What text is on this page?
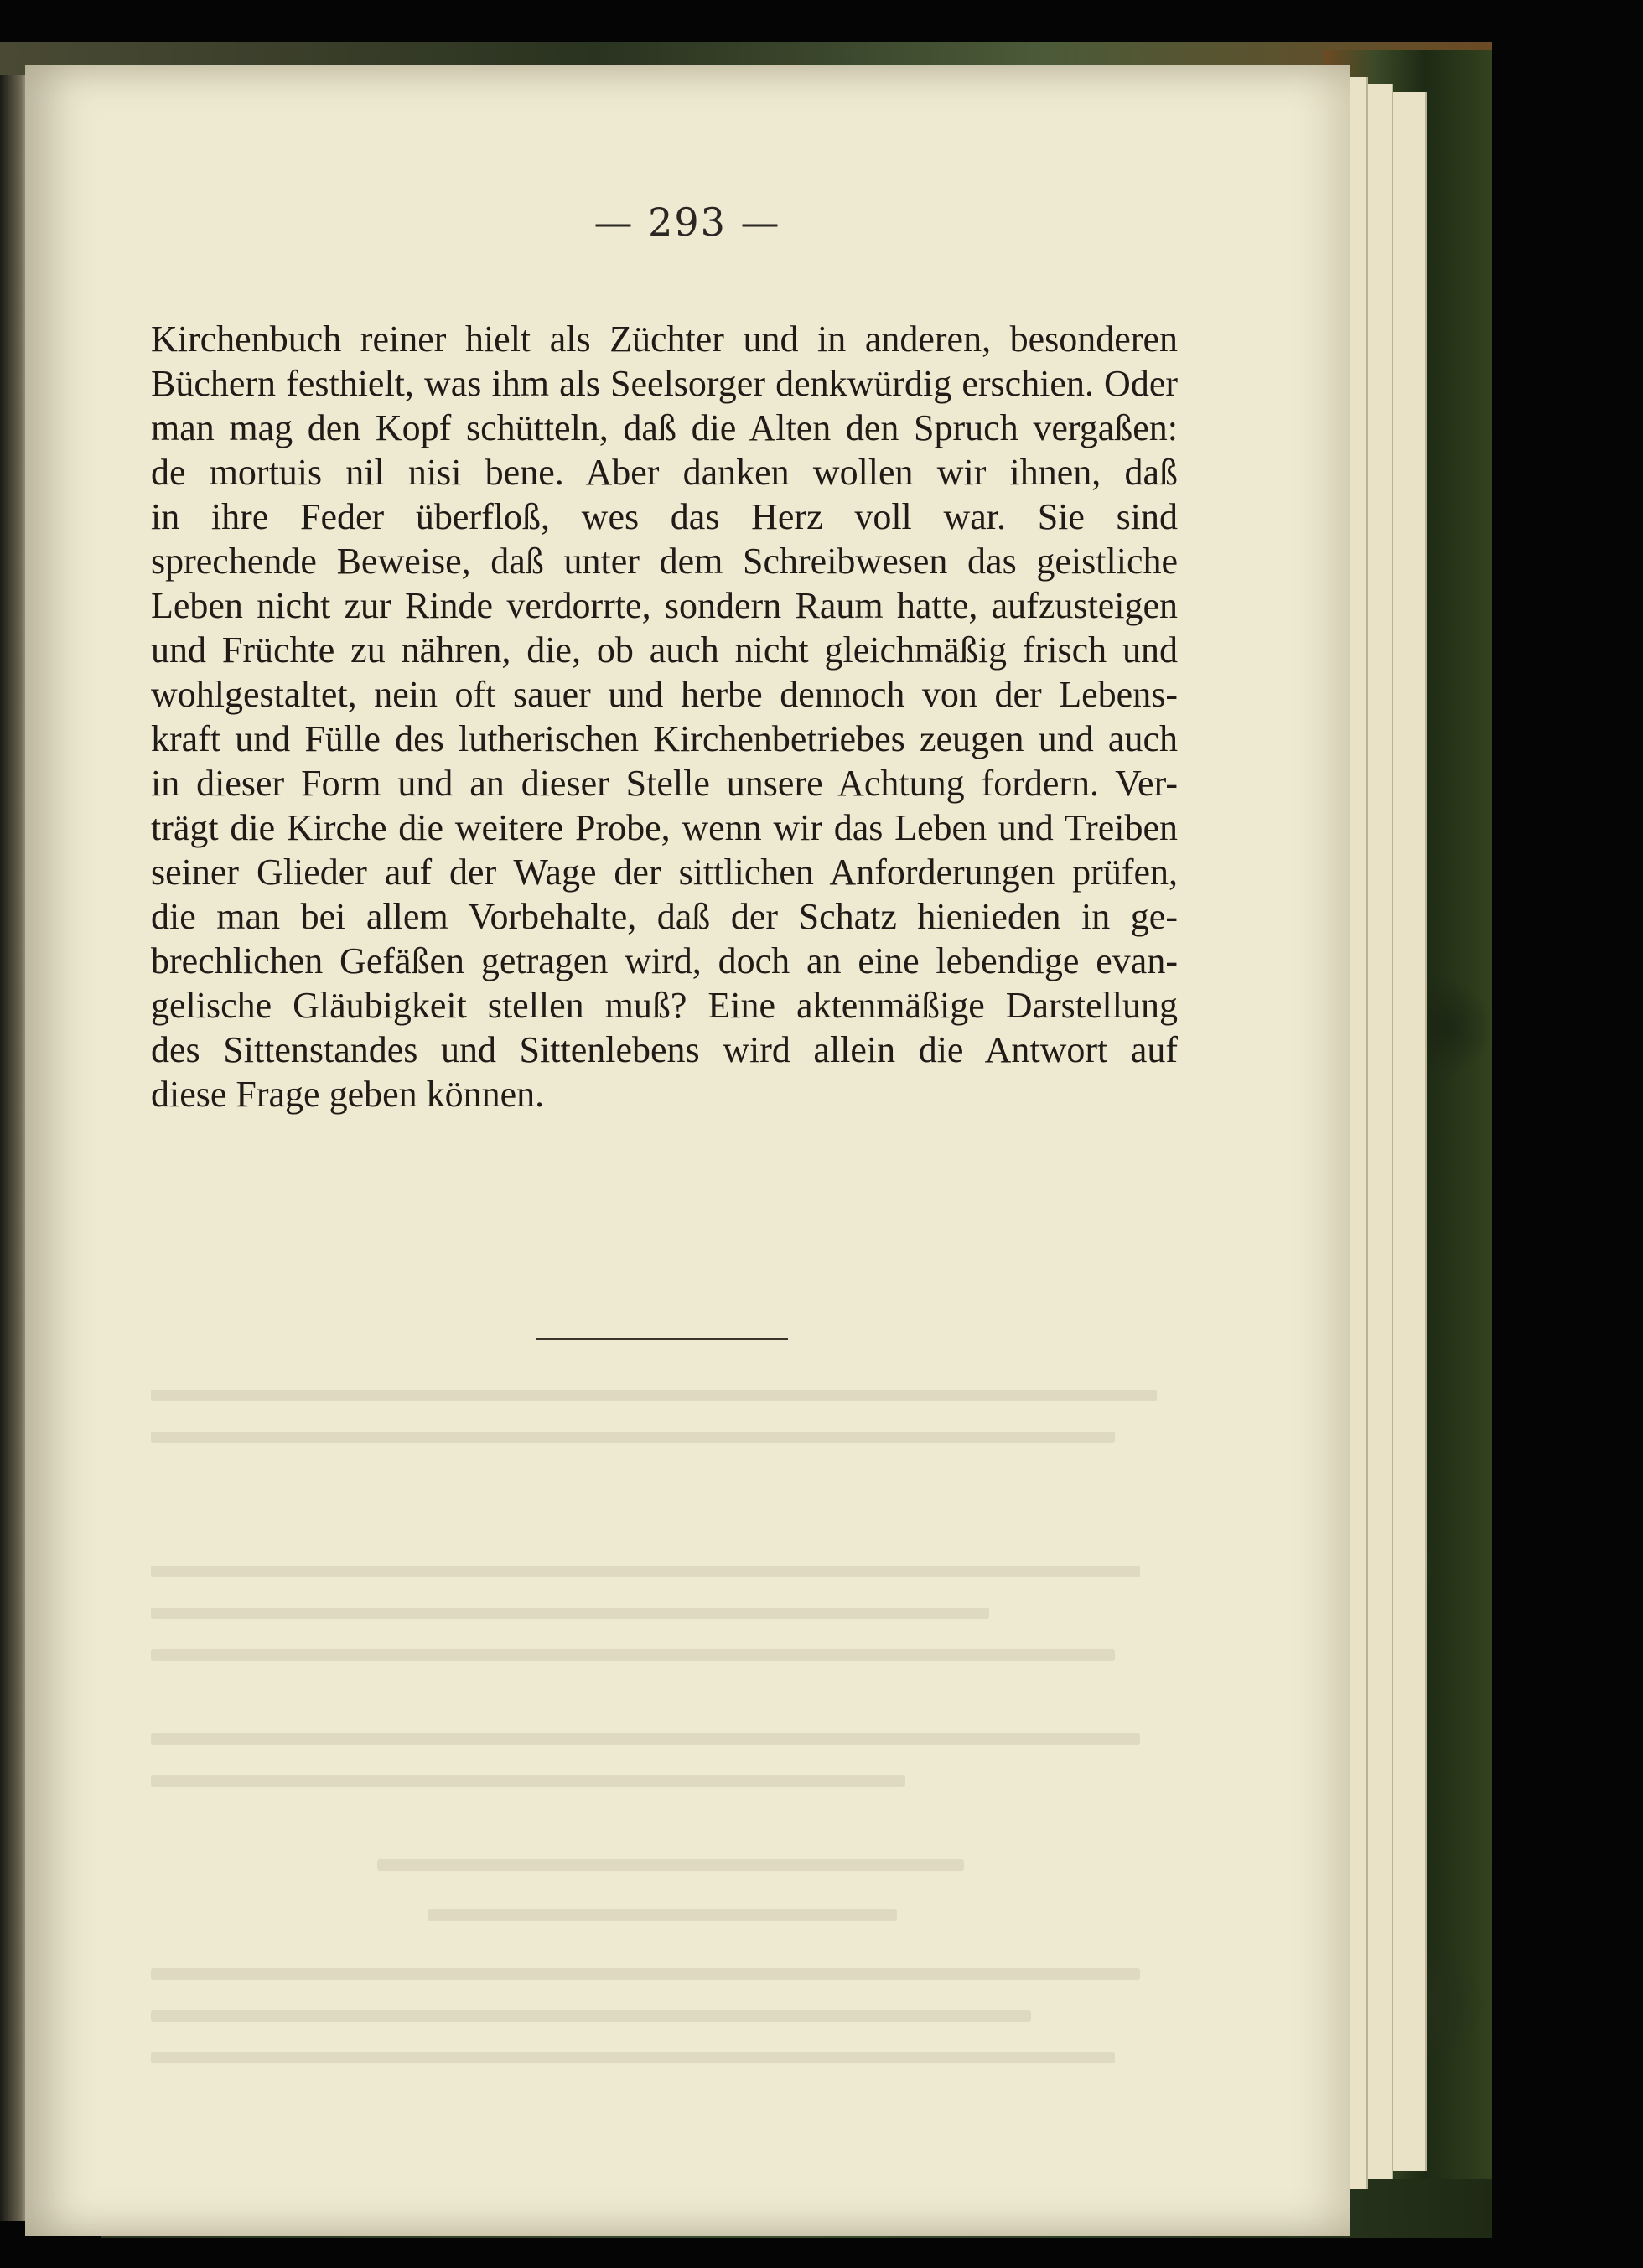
— 293 —
Kirchenbuch reiner hielt als Züchter und in anderen, besonderen
Büchern festhielt, was ihm als Seelsorger denkwürdig erschien. Oder
man mag den Kopf schütteln, daß die Alten den Spruch vergaßen:
de mortuis nil nisi bene. Aber danken wollen wir ihnen, daß
in ihre Feder überfloß, wes das Herz voll war. Sie sind
sprechende Beweise, daß unter dem Schreibwesen das geistliche
Leben nicht zur Rinde verdorrte, sondern Raum hatte, aufzusteigen
und Früchte zu nähren, die, ob auch nicht gleichmäßig frisch und
wohlgestaltet, nein oft sauer und herbe dennoch von der Lebens-
kraft und Fülle des lutherischen Kirchenbetriebes zeugen und auch
in dieser Form und an dieser Stelle unsere Achtung fordern. Ver-
trägt die Kirche die weitere Probe, wenn wir das Leben und Treiben
seiner Glieder auf der Wage der sittlichen Anforderungen prüfen,
die man bei allem Vorbehalte, daß der Schatz hienieden in ge-
brechlichen Gefäßen getragen wird, doch an eine lebendige evan-
gelische Gläubigkeit stellen muß? Eine aktenmäßige Darstellung
des Sittenstandes und Sittenlebens wird allein die Antwort auf
diese Frage geben können.
